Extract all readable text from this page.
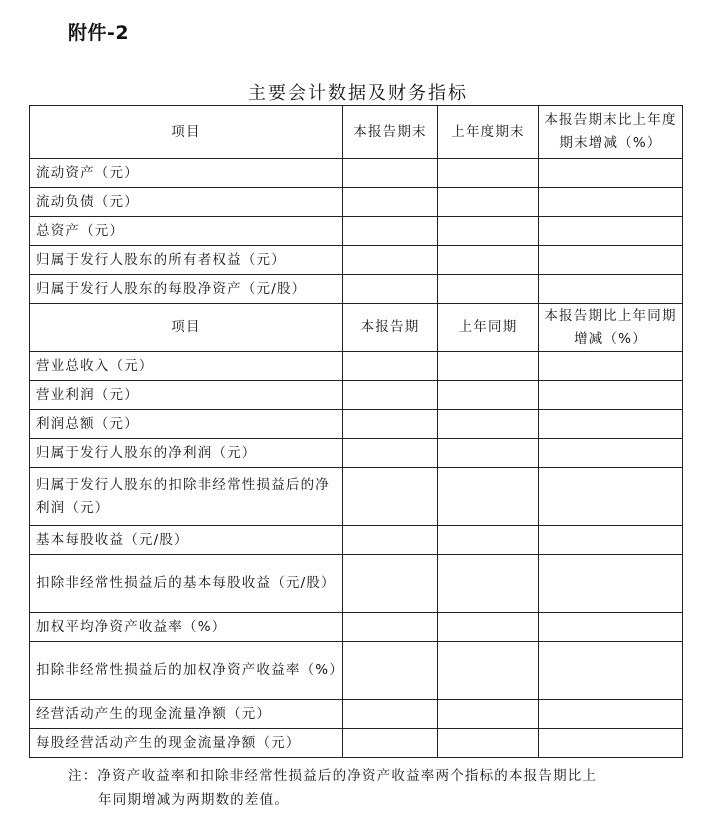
附件-2
主要会计数据及财务指标
项目	本报告期末	上年度期末	本报告期末比上年度期末增减（%）
流动资产（元）			
流动负债（元）			
总资产（元）			
归属于发行人股东的所有者权益（元）			
归属于发行人股东的每股净资产（元/股）			
项目	本报告期	上年同期	本报告期比上年同期增减（%）
营业总收入（元）			
营业利润（元）			
利润总额（元）			
归属于发行人股东的净利润（元）			
归属于发行人股东的扣除非经常性损益后的净利润（元）			
基本每股收益（元/股）			
扣除非经常性损益后的基本每股收益（元/股）			
加权平均净资产收益率（%）			
扣除非经常性损益后的加权净资产收益率（%）			
经营活动产生的现金流量净额（元）			
每股经营活动产生的现金流量净额（元）			
注：净资产收益率和扣除非经常性损益后的净资产收益率两个指标的本报告期比上
年同期增减为两期数的差值。
